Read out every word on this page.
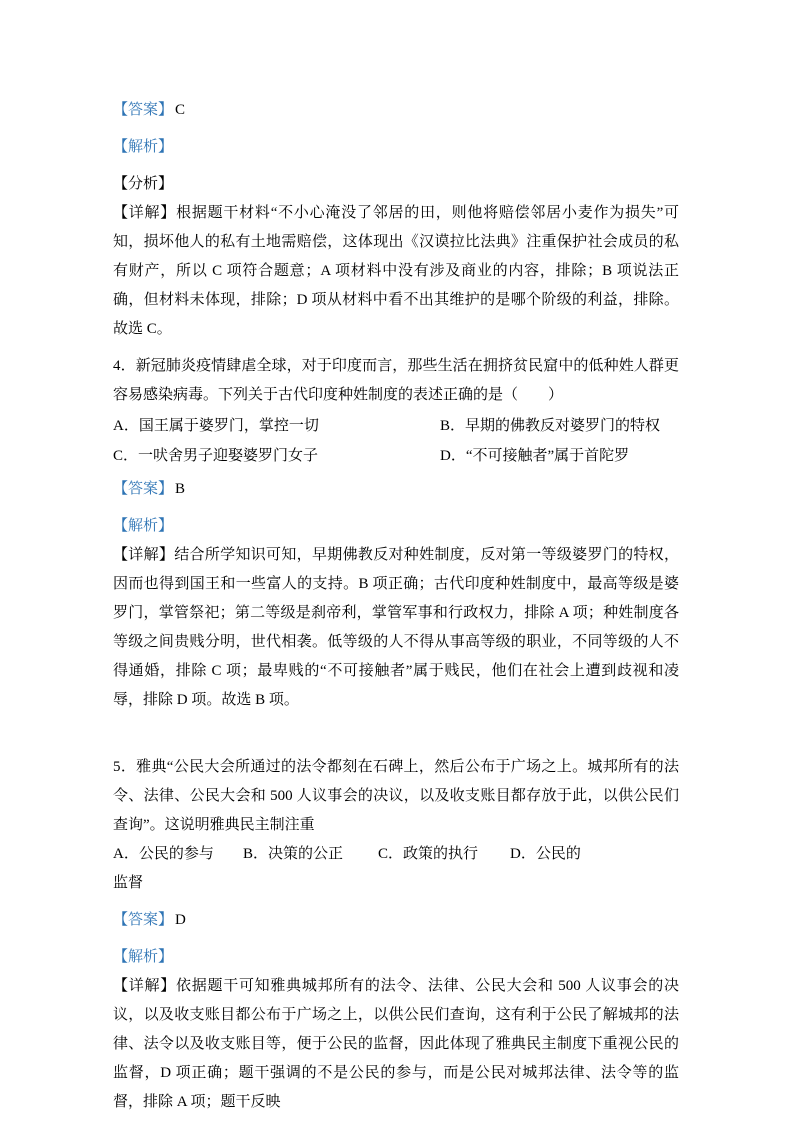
【答案】 C

【解析】

【分析】

【详解】根据题干材料“不小心淹没了邻居的田，则他将赔偿邻居小麦作为损失”可知，损坏他人的私有土地需赔偿，这体现出《汉谟拉比法典》注重保护社会成员的私有财产，所以 C 项符合题意；A 项材料中没有涉及商业的内容，排除；B 项说法正确，但材料未体现，排除；D 项从材料中看不出其维护的是哪个阶级的利益，排除。故选 C。

4．新冠肺炎疫情肆虐全球，对于印度而言，那些生活在拥挤贫民窟中的低种姓人群更容易感染病毒。下列关于古代印度种姓制度的表述正确的是（　　）

A．国王属于婆罗门，掌控一切	B．早期的佛教反对婆罗门的特权
C．一吠舍男子迎娶婆罗门女子	D．“不可接触者”属于首陀罗

【答案】 B

【解析】

【详解】结合所学知识可知，早期佛教反对种姓制度，反对第一等级婆罗门的特权，因而也得到国王和一些富人的支持。B 项正确；古代印度种姓制度中，最高等级是婆罗门，掌管祭祀；第二等级是刹帝利，掌管军事和行政权力，排除 A 项；种姓制度各等级之间贵贱分明，世代相袭。低等级的人不得从事高等级的职业，不同等级的人不得通婚，排除 C 项；最卑贱的“不可接触者”属于贱民，他们在社会上遭到歧视和凌辱，排除 D 项。故选 B 项。

5．雅典“公民大会所通过的法令都刻在石碑上，然后公布于广场之上。城邦所有的法令、法律、公民大会和 500 人议事会的决议，以及收支账目都存放于此，以供公民们查询”。这说明雅典民主制注重

A．公民的参与	B．决策的公正	C．政策的执行	D．公民的

监督

【答案】 D

【解析】

【详解】依据题干可知雅典城邦所有的法令、法律、公民大会和 500 人议事会的决议，以及收支账目都公布于广场之上，以供公民们查询，这有利于公民了解城邦的法律、法令以及收支账目等，便于公民的监督，因此体现了雅典民主制度下重视公民的监督，D 项正确；题干强调的不是公民的参与，而是公民对城邦法律、法令等的监督，排除 A 项；题干反映
